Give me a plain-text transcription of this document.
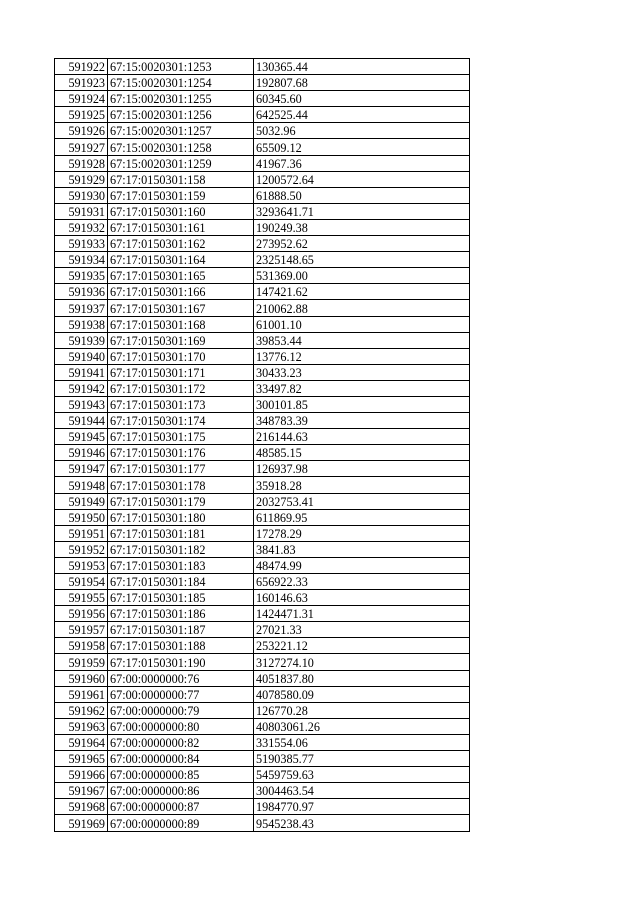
591922	67:15:0020301:1253	130365.44
591923	67:15:0020301:1254	192807.68
591924	67:15:0020301:1255	60345.60
591925	67:15:0020301:1256	642525.44
591926	67:15:0020301:1257	5032.96
591927	67:15:0020301:1258	65509.12
591928	67:15:0020301:1259	41967.36
591929	67:17:0150301:158	1200572.64
591930	67:17:0150301:159	61888.50
591931	67:17:0150301:160	3293641.71
591932	67:17:0150301:161	190249.38
591933	67:17:0150301:162	273952.62
591934	67:17:0150301:164	2325148.65
591935	67:17:0150301:165	531369.00
591936	67:17:0150301:166	147421.62
591937	67:17:0150301:167	210062.88
591938	67:17:0150301:168	61001.10
591939	67:17:0150301:169	39853.44
591940	67:17:0150301:170	13776.12
591941	67:17:0150301:171	30433.23
591942	67:17:0150301:172	33497.82
591943	67:17:0150301:173	300101.85
591944	67:17:0150301:174	348783.39
591945	67:17:0150301:175	216144.63
591946	67:17:0150301:176	48585.15
591947	67:17:0150301:177	126937.98
591948	67:17:0150301:178	35918.28
591949	67:17:0150301:179	2032753.41
591950	67:17:0150301:180	611869.95
591951	67:17:0150301:181	17278.29
591952	67:17:0150301:182	3841.83
591953	67:17:0150301:183	48474.99
591954	67:17:0150301:184	656922.33
591955	67:17:0150301:185	160146.63
591956	67:17:0150301:186	1424471.31
591957	67:17:0150301:187	27021.33
591958	67:17:0150301:188	253221.12
591959	67:17:0150301:190	3127274.10
591960	67:00:0000000:76	4051837.80
591961	67:00:0000000:77	4078580.09
591962	67:00:0000000:79	126770.28
591963	67:00:0000000:80	40803061.26
591964	67:00:0000000:82	331554.06
591965	67:00:0000000:84	5190385.77
591966	67:00:0000000:85	5459759.63
591967	67:00:0000000:86	3004463.54
591968	67:00:0000000:87	1984770.97
591969	67:00:0000000:89	9545238.43
